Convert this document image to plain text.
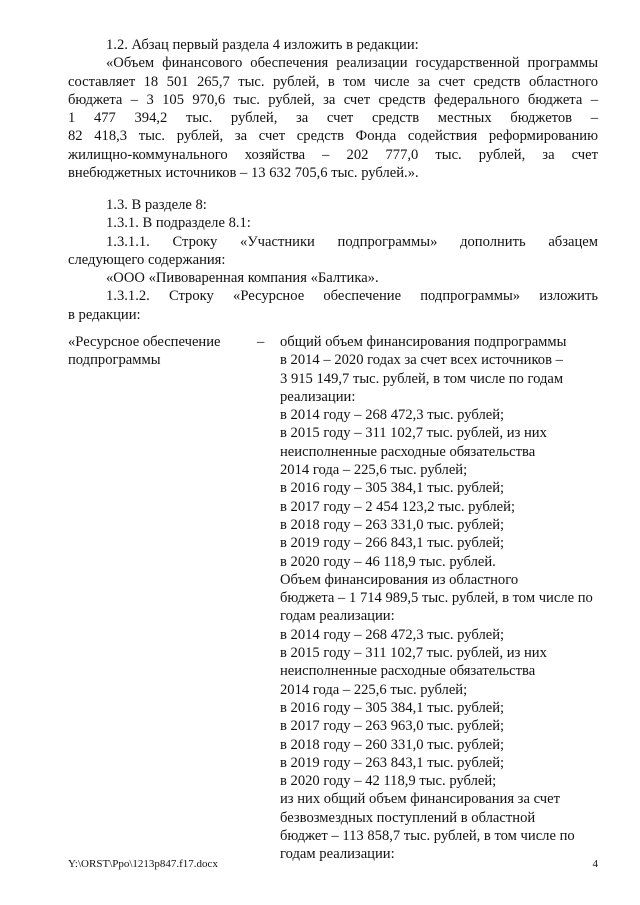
1.2. Абзац первый раздела 4 изложить в редакции:

«Объем финансового обеспечения реализации государственной программы

составляет 18 501 265,7 тыс. рублей, в том числе за счет средств областного

бюджета – 3 105 970,6 тыс. рублей, за счет средств федерального бюджета –

1 477 394,2 тыс. рублей, за счет средств местных бюджетов –

82 418,3 тыс. рублей, за счет средств Фонда содействия реформированию

жилищно-коммунального хозяйства – 202 777,0 тыс. рублей, за счет

внебюджетных источников – 13 632 705,6 тыс. рублей.».

1.3. В разделе 8:

1.3.1. В подразделе 8.1:

1.3.1.1. Строку «Участники подпрограммы» дополнить абзацем

следующего содержания:

«ООО «Пивоваренная компания «Балтика».

1.3.1.2. Строку «Ресурсное обеспечение подпрограммы» изложить

в редакции:

«Ресурсное обеспечение

подпрограммы

– общий объем финансирования подпрограммы

в 2014 – 2020 годах за счет всех источников –

3 915 149,7 тыс. рублей, в том числе по годам

реализации:

в 2014 году – 268 472,3 тыс. рублей;

в 2015 году – 311 102,7 тыс. рублей, из них

неисполненные расходные обязательства

2014 года – 225,6 тыс. рублей;

в 2016 году – 305 384,1 тыс. рублей;

в 2017 году – 2 454 123,2 тыс. рублей;

в 2018 году – 263 331,0 тыс. рублей;

в 2019 году – 266 843,1 тыс. рублей;

в 2020 году – 46 118,9 тыс. рублей.

Объем финансирования из областного

бюджета – 1 714 989,5 тыс. рублей, в том числе по

годам реализации:

в 2014 году – 268 472,3 тыс. рублей;

в 2015 году – 311 102,7 тыс. рублей, из них

неисполненные расходные обязательства

2014 года – 225,6 тыс. рублей;

в 2016 году – 305 384,1 тыс. рублей;

в 2017 году – 263 963,0 тыс. рублей;

в 2018 году – 260 331,0 тыс. рублей;

в 2019 году – 263 843,1 тыс. рублей;

в 2020 году – 42 118,9 тыс. рублей;

из них общий объем финансирования за счет

безвозмездных поступлений в областной

бюджет – 113 858,7 тыс. рублей, в том числе по

годам реализации:

Y:\ORST\Ppo\1213p847.f17.docx	4
